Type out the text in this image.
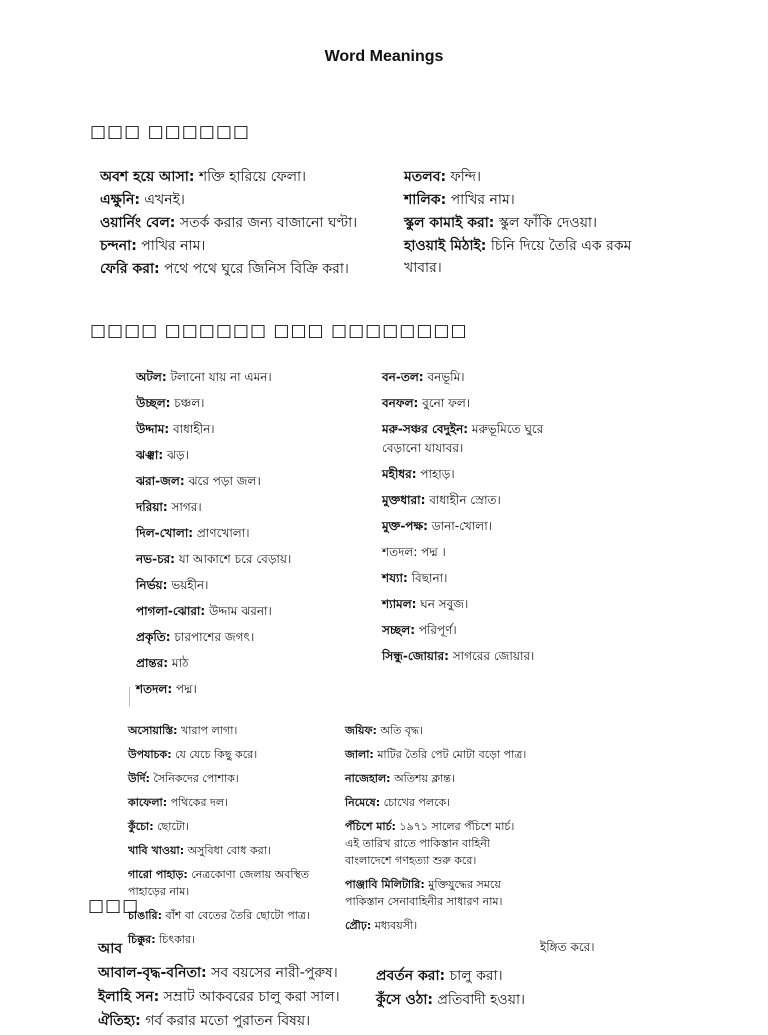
Word Meanings
□□□ □□□□□□
□□□□ □□□□□□ □□□ □□□□□□□□
□□□

অবশ হয়ে আসা: শক্তি হারিয়ে ফেলা।

এক্ষুনি: এখনই।

ওয়ার্নিং বেল: সতর্ক করার জন্য বাজানো ঘণ্টা।

চন্দনা: পাখির নাম।

ফেরি করা: পথে পথে ঘুরে জিনিস বিক্রি করা।

মতলব: ফন্দি।

শালিক: পাখির নাম।

স্কুল কামাই করা: স্কুল ফাঁকি দেওয়া।

হাওয়াই মিঠাই: চিনি দিয়ে তৈরি এক রকম খাবার।

অটল: টলানো যায় না এমন।

উচ্ছল: চঞ্চল।

উদ্দাম: বাধাহীন।

ঝঞ্ঝা: ঝড়।

ঝরা-জল: ঝরে পড়া জল।

দরিয়া: সাগর।

দিল-খোলা: প্রাণখোলা।

নভ-চর: যা আকাশে চরে বেড়ায়।

নির্ভয়: ভয়হীন।

পাগলা-ঝোরা: উদ্দাম ঝরনা।

প্রকৃতি: চারপাশের জগৎ।

প্রান্তর: মাঠ

শতদল: পদ্ম।

বন-তল: বনভূমি।

বনফল: বুনো ফল।

মরু-সঞ্চর বেদুইন: মরুভূমিতে ঘুরে বেড়ানো যাযাবর।

মহীধর: পাহাড়।

মুক্তধারা: বাধাহীন স্রোত।

মুক্ত-পক্ষ: ডানা-খোলা।

শতদল: পদ্ম ।

শয্যা: বিছানা।

শ্যামল: ঘন সবুজ।

সচ্ছল: পরিপূর্ণ।

সিন্ধু-জোয়ার: সাগরের জোয়ার।

অসোয়াস্তি: খারাপ লাগা।

উপযাচক: যে যেচে কিছু করে।

উর্দি: সৈনিকদের পোশাক।

কাফেলা: পথিকের দল।

কুঁচো: ছোটো।

খাবি খাওয়া: অসুবিধা বোধ করা।

গারো পাহাড়: নেত্রকোণা জেলায় অবস্থিত পাহাড়ের নাম।

চাঙারি: বাঁশ বা বেতের তৈরি ছোটো পাত্র।

চিক্কুর: চিৎকার।

জয়িফ: অতি বৃদ্ধ।

জালা: মাটির তৈরি পেট মোটা বড়ো পাত্র।

নাজেহাল: অতিশয় ক্লান্ত।

নিমেষে: চোখের পলকে।

পঁচিশে মার্চ: ১৯৭১ সালের পঁচিশে মার্চ। এই তারিখ রাতে পাকিস্তান বাহিনী বাংলাদেশে গণহত্যা শুরু করে।

পাঞ্জাবি মিলিটারি: মুক্তিযুদ্ধের সময়ে পাকিস্তান সেনাবাহিনীর সাধারণ নাম।

প্রৌঢ়: মধ্যবয়সী।

আব	ইঙ্গিত করে।

আবাল-বৃদ্ধ-বনিতা: সব বয়সের নারী-পুরুষ।

ইলাহি সন: সম্রাট আকবরের চালু করা সাল।

ঐতিহ্য: গর্ব করার মতো পুরাতন বিষয়।

প্রবর্তন করা: চালু করা।

কুঁসে ওঠা: প্রতিবাদী হওয়া।
